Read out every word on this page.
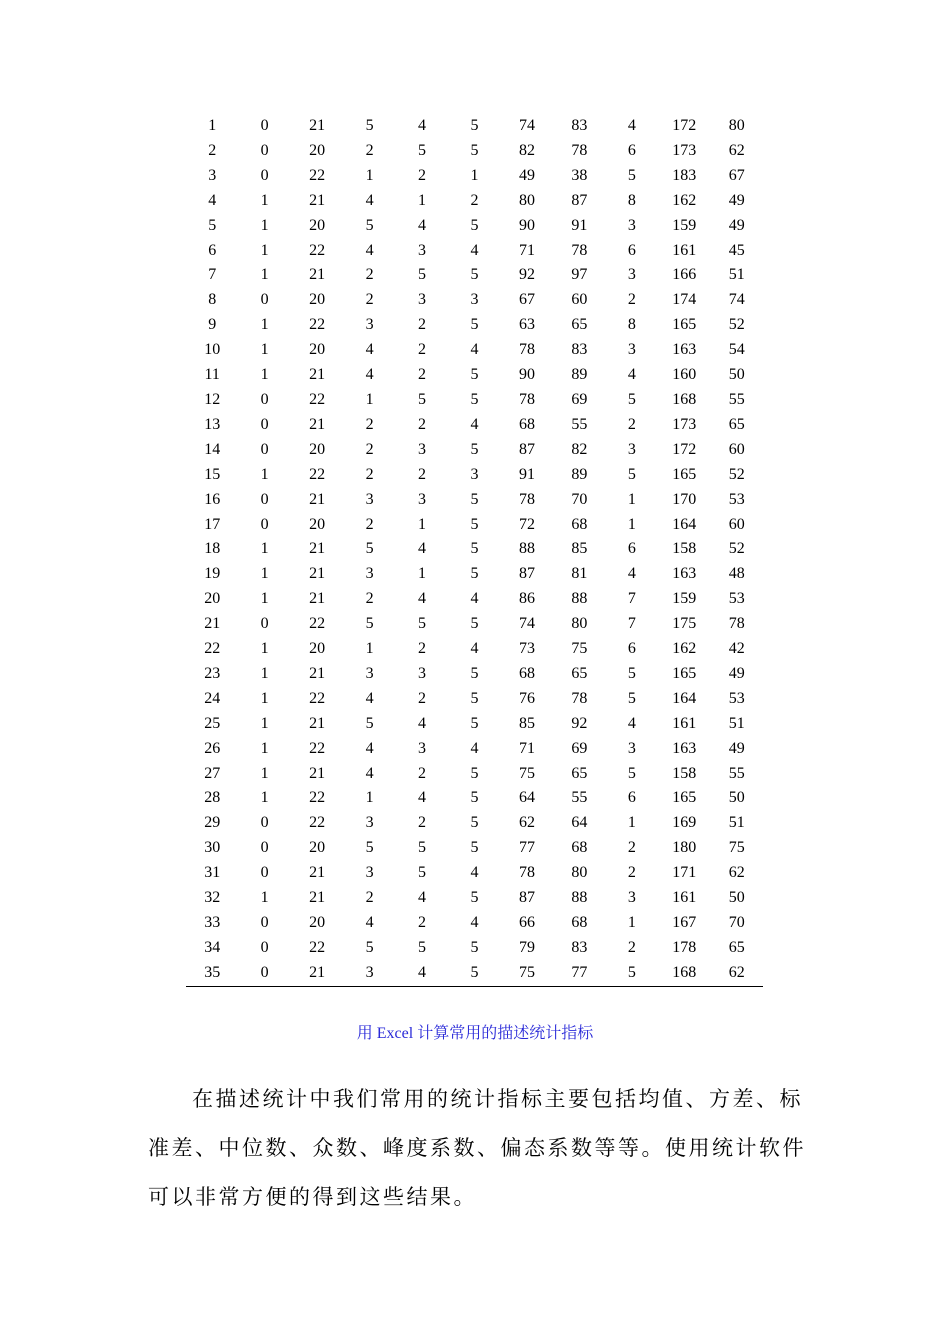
1	0	21	5	4	5	74	83	4	172	80
2	0	20	2	5	5	82	78	6	173	62
3	0	22	1	2	1	49	38	5	183	67
4	1	21	4	1	2	80	87	8	162	49
5	1	20	5	4	5	90	91	3	159	49
6	1	22	4	3	4	71	78	6	161	45
7	1	21	2	5	5	92	97	3	166	51
8	0	20	2	3	3	67	60	2	174	74
9	1	22	3	2	5	63	65	8	165	52
10	1	20	4	2	4	78	83	3	163	54
11	1	21	4	2	5	90	89	4	160	50
12	0	22	1	5	5	78	69	5	168	55
13	0	21	2	2	4	68	55	2	173	65
14	0	20	2	3	5	87	82	3	172	60
15	1	22	2	2	3	91	89	5	165	52
16	0	21	3	3	5	78	70	1	170	53
17	0	20	2	1	5	72	68	1	164	60
18	1	21	5	4	5	88	85	6	158	52
19	1	21	3	1	5	87	81	4	163	48
20	1	21	2	4	4	86	88	7	159	53
21	0	22	5	5	5	74	80	7	175	78
22	1	20	1	2	4	73	75	6	162	42
23	1	21	3	3	5	68	65	5	165	49
24	1	22	4	2	5	76	78	5	164	53
25	1	21	5	4	5	85	92	4	161	51
26	1	22	4	3	4	71	69	3	163	49
27	1	21	4	2	5	75	65	5	158	55
28	1	22	1	4	5	64	55	6	165	50
29	0	22	3	2	5	62	64	1	169	51
30	0	20	5	5	5	77	68	2	180	75
31	0	21	3	5	4	78	80	2	171	62
32	1	21	2	4	5	87	88	3	161	50
33	0	20	4	2	4	66	68	1	167	70
34	0	22	5	5	5	79	83	2	178	65
35	0	21	3	4	5	75	77	5	168	62
用 Excel 计算常用的描述统计指标

在描述统计中我们常用的统计指标主要包括均值、方差、标准差、中位数、众数、峰度系数、偏态系数等等。使用统计软件可以非常方便的得到这些结果。
